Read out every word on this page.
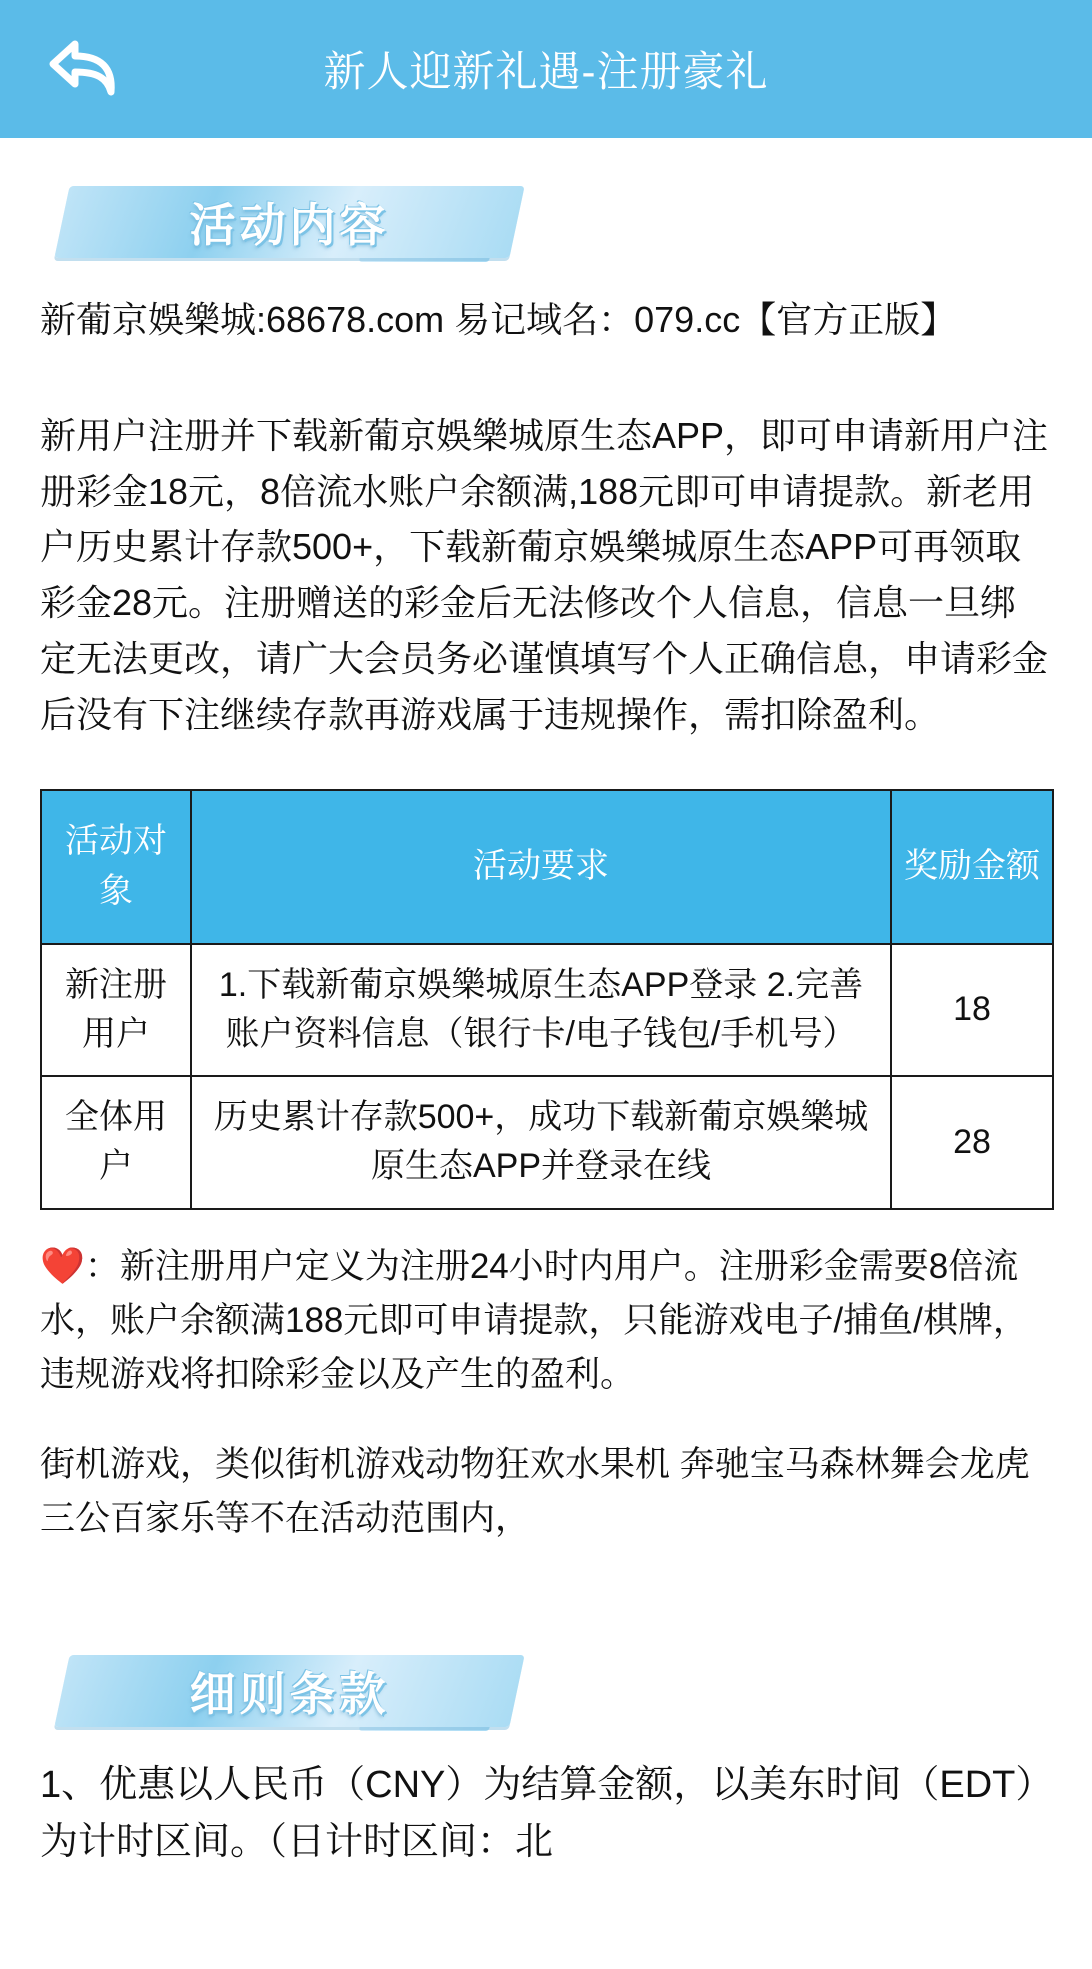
新人迎新礼遇-注册豪礼
活动内容

新葡京娛樂城:68678.com 易记域名：079.cc【官方正版】

新用户注册并下载新葡京娛樂城原生态APP，即可申请新用户注册彩金18元，8倍流水账户余额满,188元即可申请提款。新老用户历史累计存款500+，下载新葡京娛樂城原生态APP可再领取彩金28元。注册赠送的彩金后无法修改个人信息，信息一旦绑定无法更改，请广大会员务必谨慎填写个人正确信息，申请彩金后没有下注继续存款再游戏属于违规操作，需扣除盈利。

活动对象	活动要求	奖励金额
新注册用户	1.下载新葡京娛樂城原生态APP登录 2.完善账户资料信息（银行卡/电子钱包/手机号）	18
全体用户	历史累计存款500+，成功下载新葡京娛樂城原生态APP并登录在线	28

❤️：新注册用户定义为注册24小时内用户。注册彩金需要8倍流水，账户余额满188元即可申请提款，只能游戏电子/捕鱼/棋牌，违规游戏将扣除彩金以及产生的盈利。

街机游戏，类似街机游戏动物狂欢水果机 奔驰宝马森林舞会龙虎三公百家乐等不在活动范围内，

细则条款

1、优惠以人民币（CNY）为结算金额，以美东时间（EDT）为计时区间。（日计时区间：北
